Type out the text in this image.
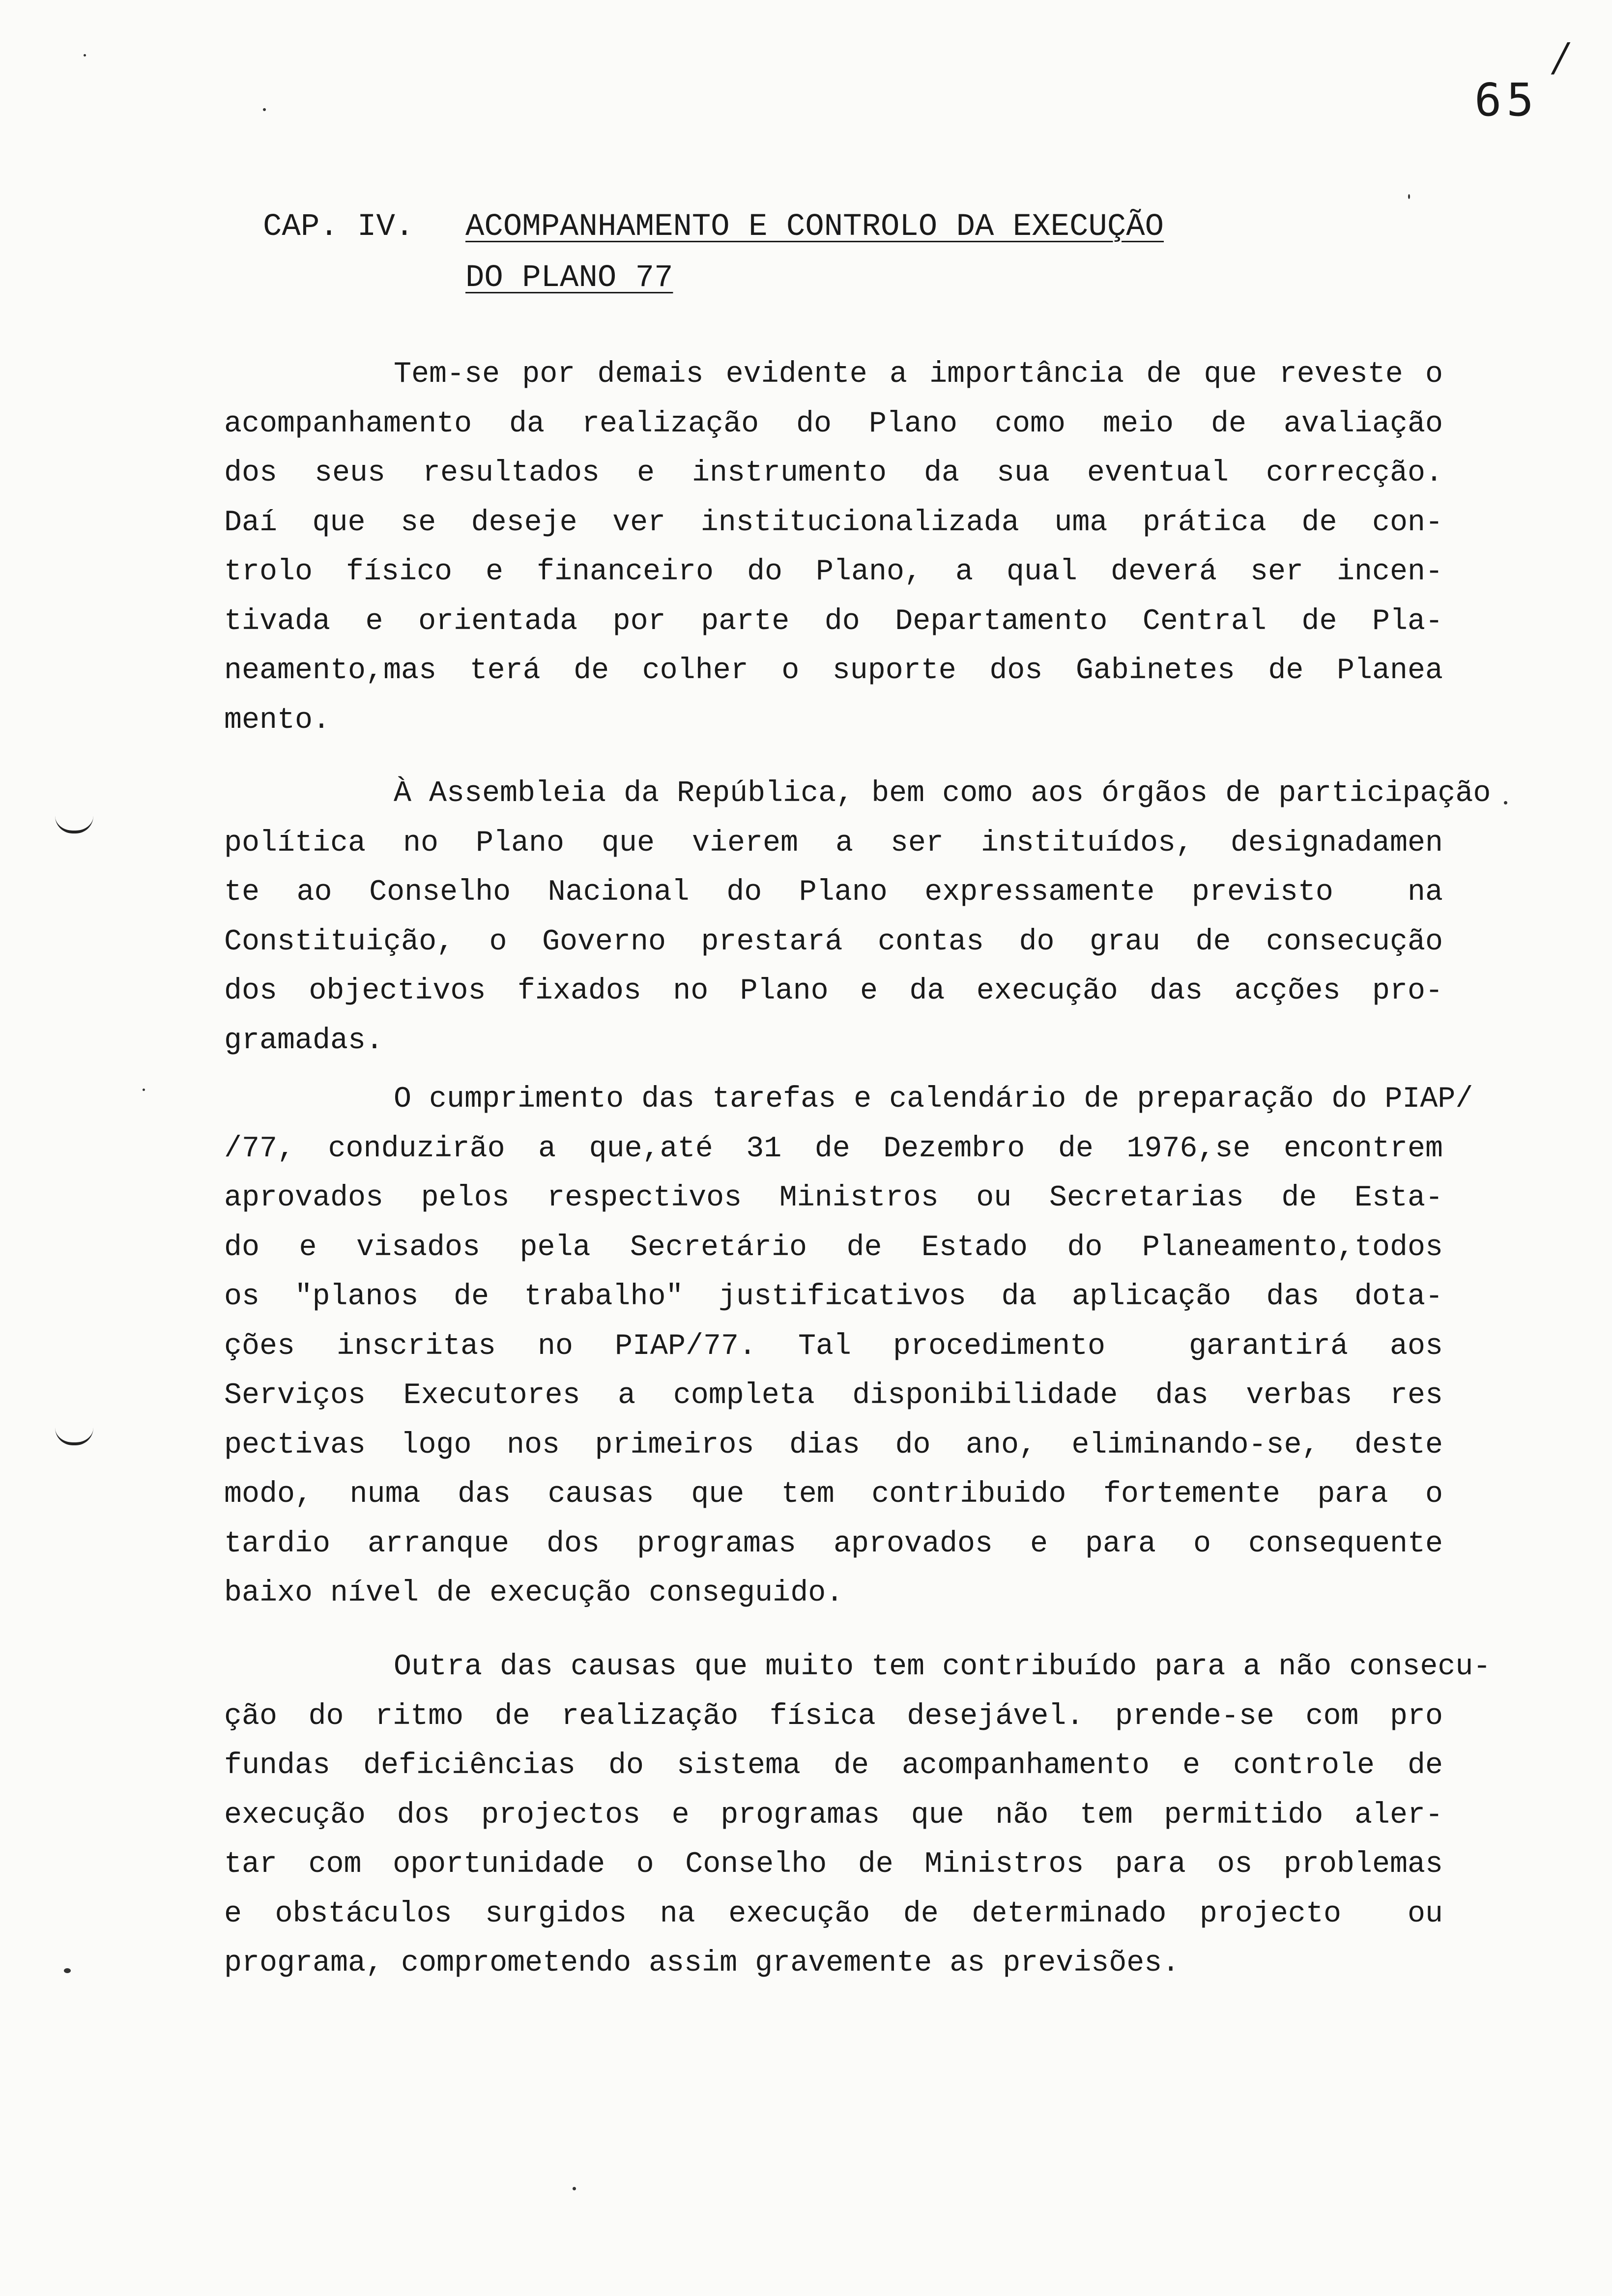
/
65
CAP. IV.	ACOMPANHAMENTO E CONTROLO DA EXECUÇÃO
DO PLANO 77
Tem-se por demais evidente a importância de que reveste o
acompanhamento da realização do Plano como meio de avaliação
dos seus resultados e instrumento da sua eventual correcção.
Daí que se deseje ver institucionalizada uma prática de con-
trolo físico e financeiro do Plano, a qual deverá ser incen-
tivada e orientada por parte do Departamento Central de Pla-
neamento,mas terá de colher o suporte dos Gabinetes de Planea
mento.
À Assembleia da República, bem como aos órgãos de participação
política no Plano que vierem a ser instituídos, designadamen
te ao Conselho Nacional do Plano expressamente previsto  na
Constituição, o Governo prestará contas do grau de consecução
dos objectivos fixados no Plano e da execução das acções pro-
gramadas.
O cumprimento das tarefas e calendário de preparação do PIAP/
/77, conduzirão a que,até 31 de Dezembro de 1976,se encontrem
aprovados pelos respectivos Ministros ou Secretarias de Esta-
do e visados pela Secretário de Estado do Planeamento,todos
os "planos de trabalho" justificativos da aplicação das dota-
ções inscritas no PIAP/77. Tal procedimento  garantirá aos
Serviços Executores a completa disponibilidade das verbas res
pectivas logo nos primeiros dias do ano, eliminando-se, deste
modo, numa das causas que tem contribuido fortemente para o
tardio arranque dos programas aprovados e para o consequente
baixo nível de execução conseguido.
Outra das causas que muito tem contribuído para a não consecu-
ção do ritmo de realização física desejável. prende-se com pro
fundas deficiências do sistema de acompanhamento e controle de
execução dos projectos e programas que não tem permitido aler-
tar com oportunidade o Conselho de Ministros para os problemas
e obstáculos surgidos na execução de determinado projecto  ou
programa, comprometendo assim gravemente as previsões.
